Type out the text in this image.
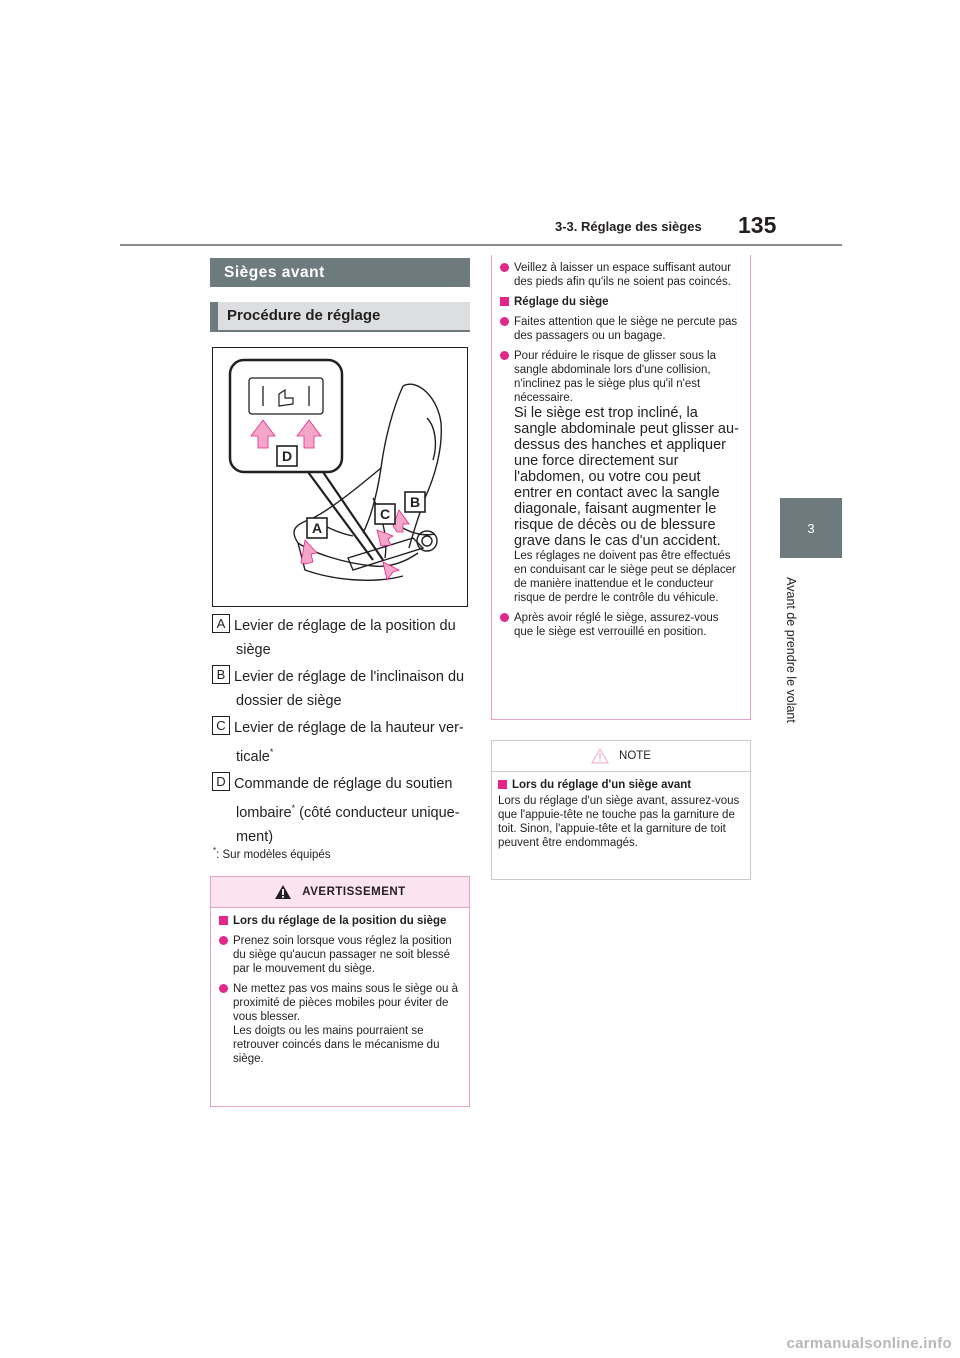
3-3. Réglage des sièges 135
3
Avant de prendre le volant
Sièges avant
Procédure de réglage
D
A
C
B
A Levier de réglage de la position du
siège
B Levier de réglage de l'inclinaison du
dossier de siège
C Levier de réglage de la hauteur ver-
ticale*
D Commande de réglage du soutien
lombaire* (côté conducteur unique-
ment)
*: Sur modèles équipés
AVERTISSEMENT
Lors du réglage de la position du siège
Prenez soin lorsque vous réglez la position du siège qu'aucun passager ne soit blessé par le mouvement du siège.
Ne mettez pas vos mains sous le siège ou à proximité de pièces mobiles pour éviter de vous blesser.
Les doigts ou les mains pourraient se retrouver coincés dans le mécanisme du siège.
Veillez à laisser un espace suffisant autour des pieds afin qu'ils ne soient pas coincés.
Réglage du siège
Faites attention que le siège ne percute pas des passagers ou un bagage.
Pour réduire le risque de glisser sous la sangle abdominale lors d'une collision, n'inclinez pas le siège plus qu'il n'est nécessaire.
Si le siège est trop incliné, la sangle abdominale peut glisser au-dessus des hanches et appliquer une force directement sur l'abdomen, ou votre cou peut entrer en contact avec la sangle diagonale, faisant augmenter le risque de décès ou de blessure grave dans le cas d'un accident.
Les réglages ne doivent pas être effectués en conduisant car le siège peut se déplacer de manière inattendue et le conducteur risque de perdre le contrôle du véhicule.
Après avoir réglé le siège, assurez-vous que le siège est verrouillé en position.
NOTE
Lors du réglage d'un siège avant
Lors du réglage d'un siège avant, assurez-vous que l'appuie-tête ne touche pas la garniture de toit. Sinon, l'appuie-tête et la garniture de toit peuvent être endommagés.
carmanualsonline.info
